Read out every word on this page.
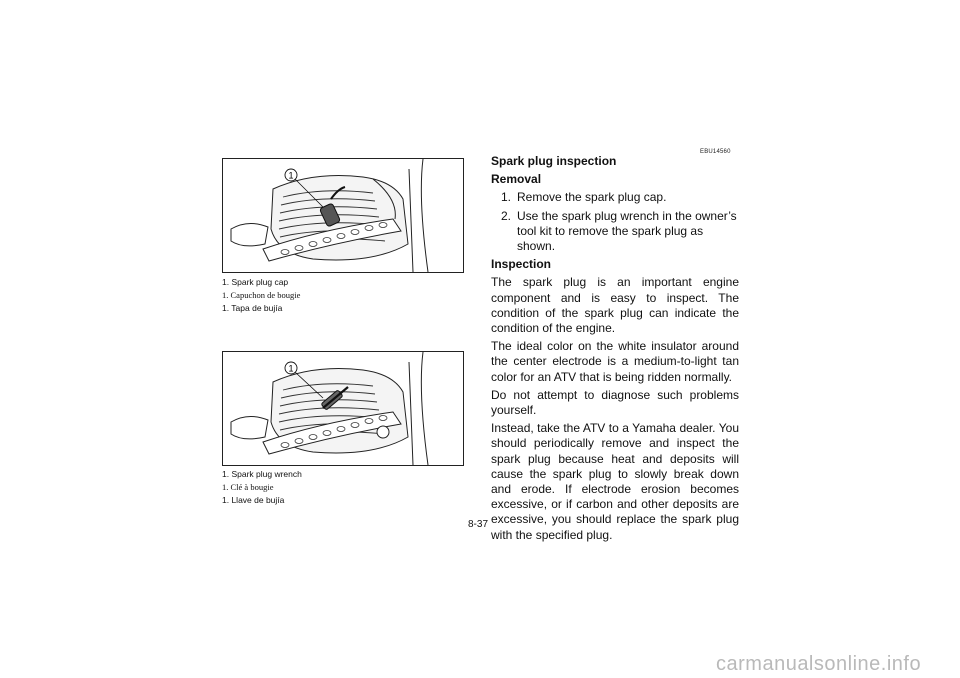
1
1. Spark plug cap
1. Capuchon de bougie
1. Tapa de bujía
1
1. Spark plug wrench
1. Clé à bougie
1. Llave de bujía
EBU14560
Spark plug inspection
Removal
1. Remove the spark plug cap.
2. Use the spark plug wrench in the owner’s tool kit to remove the spark plug as shown.
Inspection

The spark plug is an important engine component and is easy to inspect. The condition of the spark plug can indicate the condition of the engine.

The ideal color on the white insulator around the center electrode is a medium-to-light tan color for an ATV that is being ridden normally.

Do not attempt to diagnose such problems yourself.

Instead, take the ATV to a Yamaha dealer. You should periodically remove and inspect the spark plug because heat and deposits will cause the spark plug to slowly break down and erode. If electrode erosion becomes excessive, or if carbon and other deposits are excessive, you should replace the spark plug with the specified plug.

8-37
carmanualsonline.info
